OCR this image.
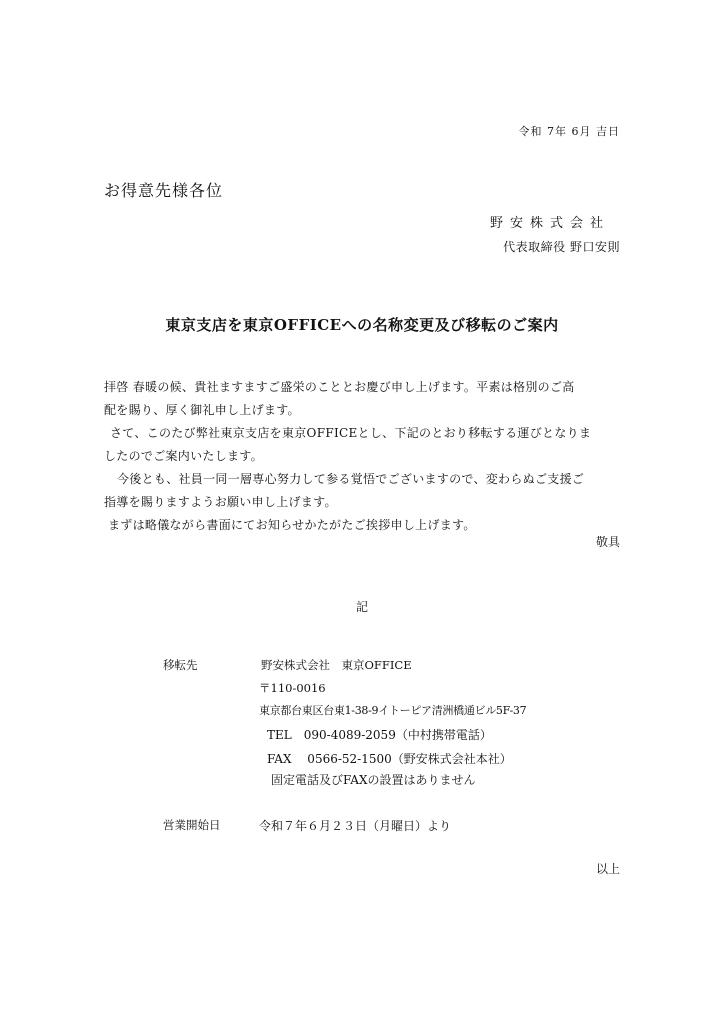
令和 7年 6月 吉日
お得意先様各位
野安株式会社
代表取締役 野口安則
東京支店を東京OFFICEへの名称変更及び移転のご案内
拝啓 春暖の候、貴社ますますご盛栄のこととお慶び申し上げます。平素は格別のご高
配を賜り、厚く御礼申し上げます。
さて、このたび弊社東京支店を東京OFFICEとし、下記のとおり移転する運びとなりま
したのでご案内いたします。
今後とも、社員一同一層専心努力して参る覚悟でございますので、変わらぬご支援ご
指導を賜りますようお願い申し上げます。
まずは略儀ながら書面にてお知らせかたがたご挨拶申し上げます。
敬具
記
移転先	野安株式会社　東京OFFICE
〒110-0016
東京都台東区台東1-38-9イトーピア清洲橋通ビル5F-37
TEL　090-4089-2059（中村携帯電話）
FAX　 0566-52-1500（野安株式会社本社）
固定電話及びFAXの設置はありません
営業開始日	令和７年６月２３日（月曜日）より
以上
